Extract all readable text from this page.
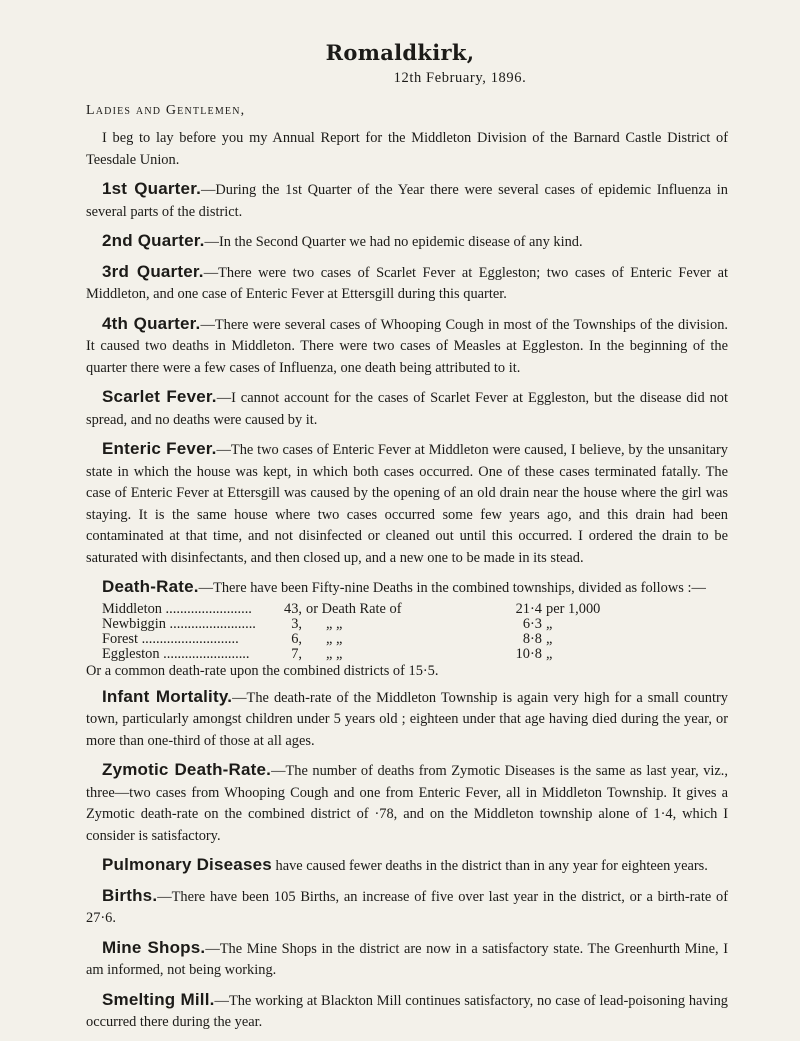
Romaldkirk,
12th February, 1896.
Ladies and Gentlemen,

I beg to lay before you my Annual Report for the Middleton Division of the Barnard Castle District of Teesdale Union.

1st Quarter.—During the 1st Quarter of the Year there were several cases of epidemic Influenza in several parts of the district.

2nd Quarter.—In the Second Quarter we had no epidemic disease of any kind.

3rd Quarter.—There were two cases of Scarlet Fever at Eggleston; two cases of Enteric Fever at Middleton, and one case of Enteric Fever at Ettersgill during this quarter.

4th Quarter.—There were several cases of Whooping Cough in most of the Townships of the division. It caused two deaths in Middleton. There were two cases of Measles at Eggleston. In the beginning of the quarter there were a few cases of Influenza, one death being attributed to it.

Scarlet Fever.—I cannot account for the cases of Scarlet Fever at Eggleston, but the disease did not spread, and no deaths were caused by it.

Enteric Fever.—The two cases of Enteric Fever at Middleton were caused, I believe, by the unsanitary state in which the house was kept, in which both cases occurred. One of these cases terminated fatally. The case of Enteric Fever at Ettersgill was caused by the opening of an old drain near the house where the girl was staying. It is the same house where two cases occurred some few years ago, and this drain had been contaminated at that time, and not disinfected or cleaned out until this occurred. I ordered the drain to be saturated with disinfectants, and then closed up, and a new one to be made in its stead.

Death-Rate.—There have been Fifty-nine Deaths in the combined townships, divided as follows :—

Middleton ........................	43,	or Death Rate of	21·4	per 1,000
Newbiggin ........................	3,	„ „	6·3	„
Forest ...........................	6,	„ „	8·8	„
Eggleston ........................	7,	„ „	10·8	„

Or a common death-rate upon the combined districts of 15·5.

Infant Mortality.—The death-rate of the Middleton Township is again very high for a small country town, particularly amongst children under 5 years old ; eighteen under that age having died during the year, or more than one-third of those at all ages.

Zymotic Death-Rate.—The number of deaths from Zymotic Diseases is the same as last year, viz., three—two cases from Whooping Cough and one from Enteric Fever, all in Middleton Township. It gives a Zymotic death-rate on the combined district of ·78, and on the Middleton township alone of 1·4, which I consider is satisfactory.

Pulmonary Diseases have caused fewer deaths in the district than in any year for eighteen years.

Births.—There have been 105 Births, an increase of five over last year in the district, or a birth-rate of 27·6.

Mine Shops.—The Mine Shops in the district are now in a satisfactory state. The Greenhurth Mine, I am informed, not being working.

Smelting Mill.—The working at Blackton Mill continues satisfactory, no case of lead-poisoning having occurred there during the year.
